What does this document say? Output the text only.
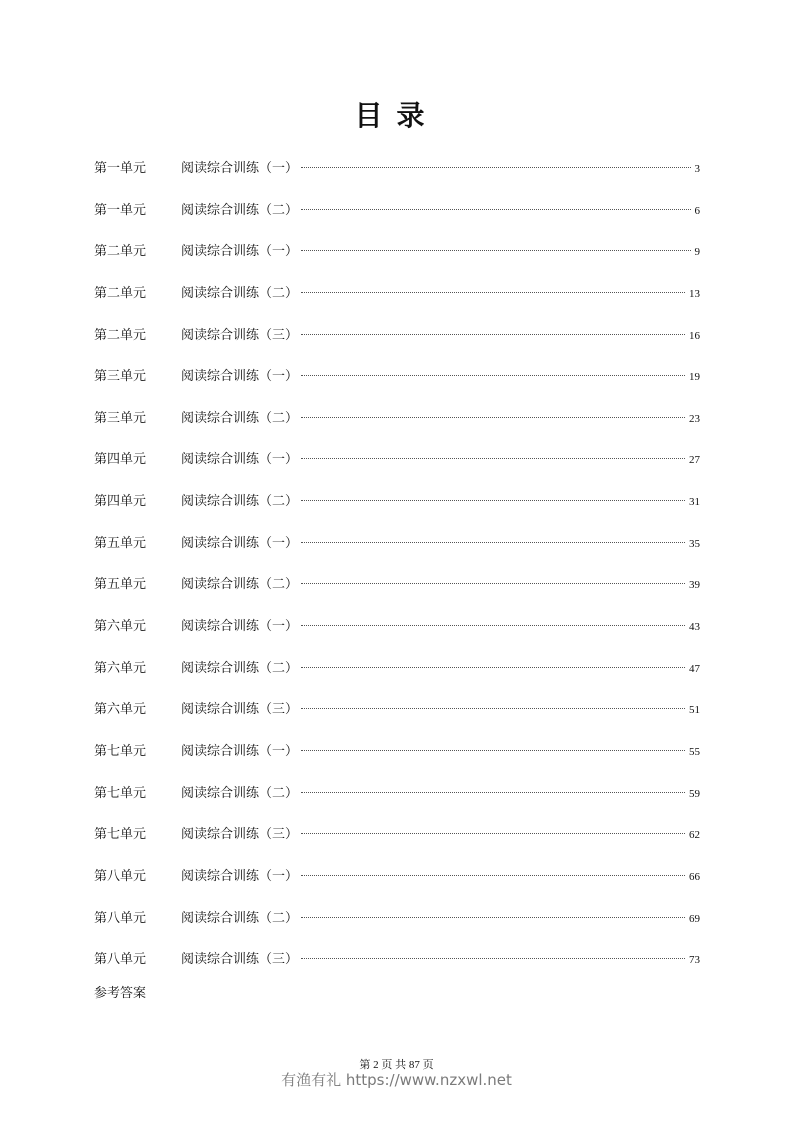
目录
第一单元	阅读综合训练（一）	3
第一单元	阅读综合训练（二）	6
第二单元	阅读综合训练（一）	9
第二单元	阅读综合训练（二）	13
第二单元	阅读综合训练（三）	16
第三单元	阅读综合训练（一）	19
第三单元	阅读综合训练（二）	23
第四单元	阅读综合训练（一）	27
第四单元	阅读综合训练（二）	31
第五单元	阅读综合训练（一）	35
第五单元	阅读综合训练（二）	39
第六单元	阅读综合训练（一）	43
第六单元	阅读综合训练（二）	47
第六单元	阅读综合训练（三）	51
第七单元	阅读综合训练（一）	55
第七单元	阅读综合训练（二）	59
第七单元	阅读综合训练（三）	62
第八单元	阅读综合训练（一）	66
第八单元	阅读综合训练（二）	69
第八单元	阅读综合训练（三）	73
参考答案
第 2 页 共 87 页
有渔有礼 https://www.nzxwl.net
